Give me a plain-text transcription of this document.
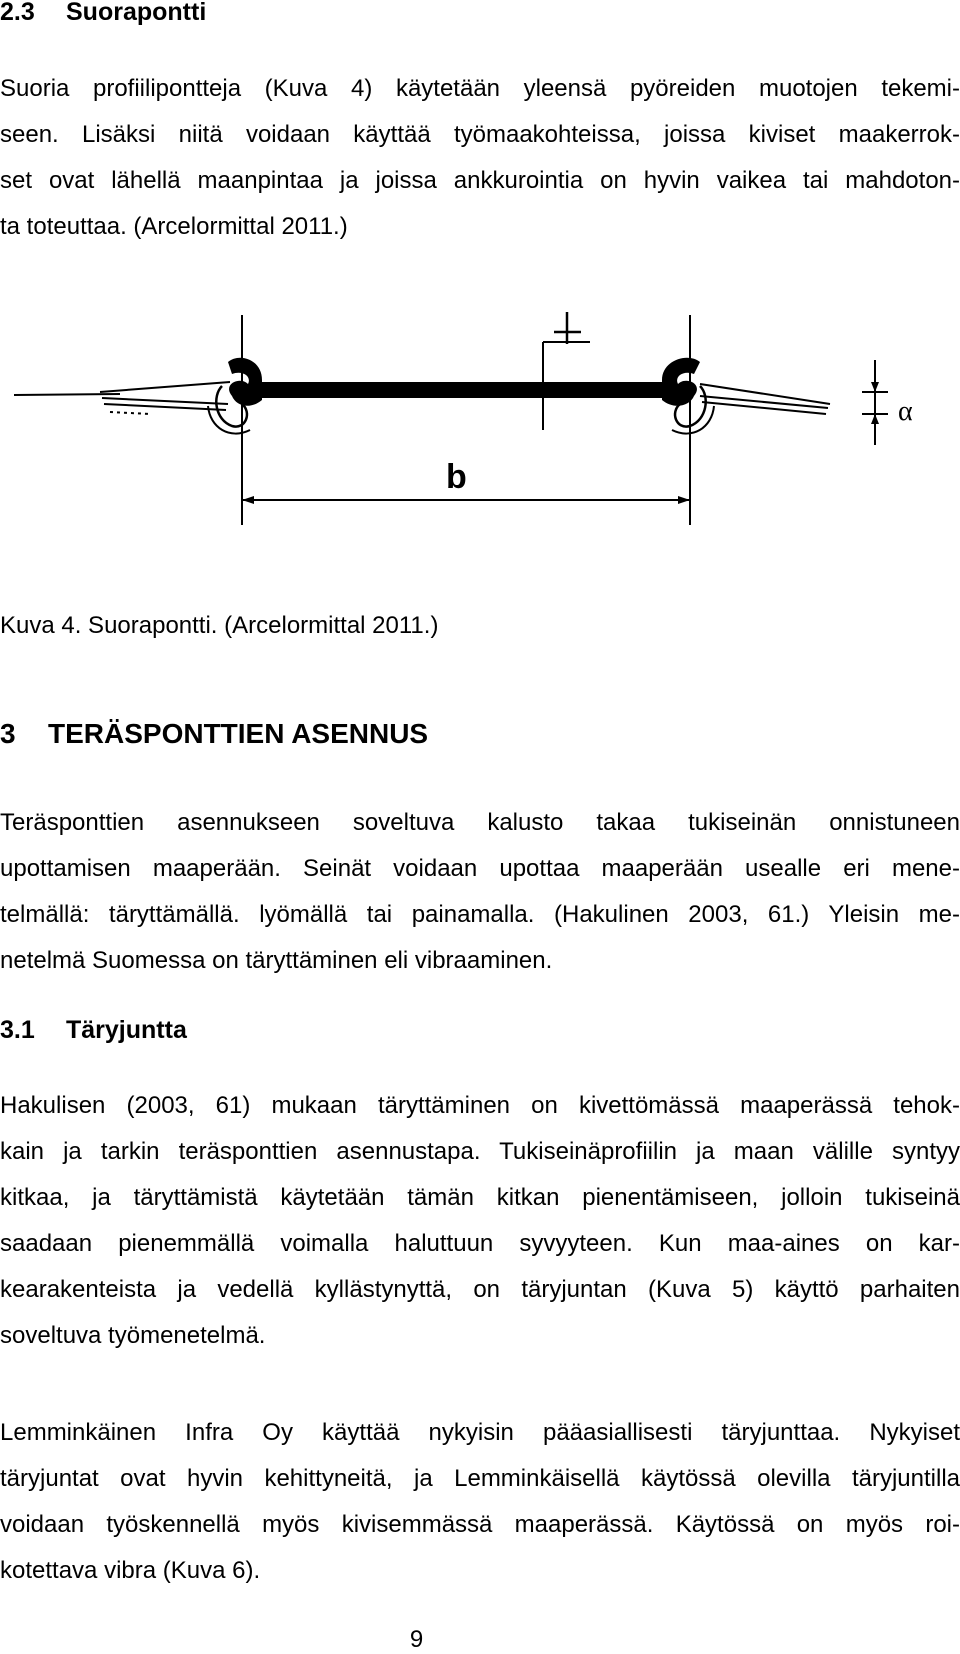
2.3 Suorapontti
Suoria profiilipontteja (Kuva 4) käytetään yleensä pyöreiden muotojen tekemi-
seen. Lisäksi niitä voidaan käyttää työmaakohteissa, joissa kiviset maakerrok-
set ovat lähellä maanpintaa ja joissa ankkurointia on hyvin vaikea tai mahdoton-
ta toteuttaa. (Arcelormittal 2011.)
b
α
Kuva 4. Suorapontti. (Arcelormittal 2011.)
3 TERÄSPONTTIEN ASENNUS
Teräsponttien asennukseen soveltuva kalusto takaa tukiseinän onnistuneen
upottamisen maaperään. Seinät voidaan upottaa maaperään usealle eri mene-
telmällä: täryttämällä. lyömällä tai painamalla. (Hakulinen 2003, 61.) Yleisin me-
netelmä Suomessa on täryttäminen eli vibraaminen.
3.1 Täryjuntta
Hakulisen (2003, 61) mukaan täryttäminen on kivettömässä maaperässä tehok-
kain ja tarkin teräsponttien asennustapa. Tukiseinäprofiilin ja maan välille syntyy
kitkaa, ja täryttämistä käytetään tämän kitkan pienentämiseen, jolloin tukiseinä
saadaan pienemmällä voimalla haluttuun syvyyteen. Kun maa-aines on kar-
kearakenteista ja vedellä kyllästynyttä, on täryjuntan (Kuva 5) käyttö parhaiten
soveltuva työmenetelmä.
Lemminkäinen Infra Oy käyttää nykyisin pääasiallisesti täryjunttaa. Nykyiset
täryjuntat ovat hyvin kehittyneitä, ja Lemminkäisellä käytössä olevilla täryjuntilla
voidaan työskennellä myös kivisemmässä maaperässä. Käytössä on myös roi-
kotettava vibra (Kuva 6).
9
